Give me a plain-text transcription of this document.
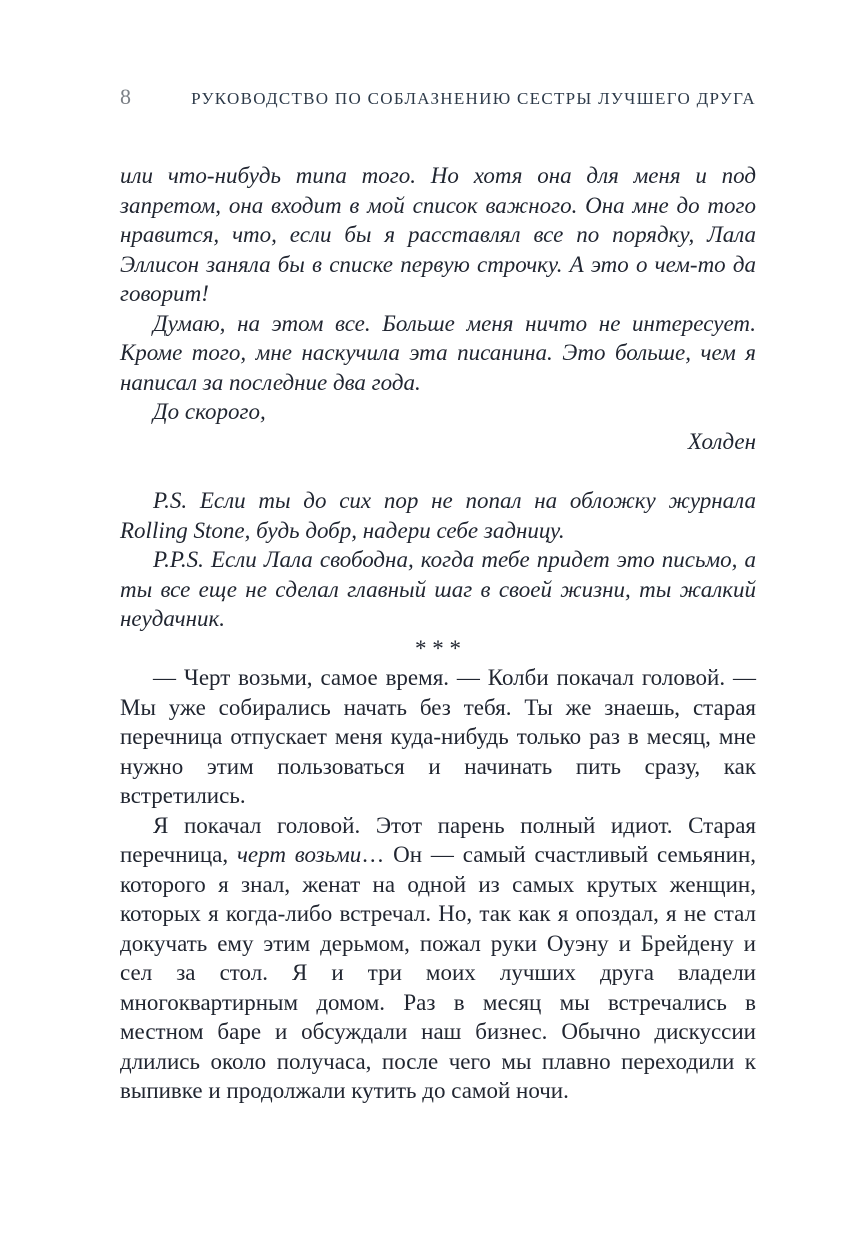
8	РУКОВОДСТВО ПО СОБЛАЗНЕНИЮ СЕСТРЫ ЛУЧШЕГО ДРУГА

или что-нибудь типа того. Но хотя она для меня и под запретом, она входит в мой список важного. Она мне до того нравится, что, если бы я расставлял все по порядку, Лала Эллисон заняла бы в списке первую строчку. А это о чем-то да говорит!

Думаю, на этом все. Больше меня ничто не интересует. Кроме того, мне наскучила эта писанина. Это больше, чем я написал за последние два года.

До скорого,

Холден

P.S. Если ты до сих пор не попал на обложку журнала Rolling Stone, будь добр, надери себе задницу.

P.P.S. Если Лала свободна, когда тебе придет это письмо, а ты все еще не сделал главный шаг в своей жизни, ты жалкий неудачник.

* * *

— Черт возьми, самое время. — Колби покачал головой. — Мы уже собирались начать без тебя. Ты же знаешь, старая перечница отпускает меня куда-нибудь только раз в месяц, мне нужно этим пользоваться и начинать пить сразу, как встретились.

Я покачал головой. Этот парень полный идиот. Старая перечница, черт возьми… Он — самый счастливый семьянин, которого я знал, женат на одной из самых крутых женщин, которых я когда-либо встречал. Но, так как я опоздал, я не стал докучать ему этим дерьмом, пожал руки Оуэну и Брейдену и сел за стол. Я и три моих лучших друга владели многоквартирным домом. Раз в месяц мы встречались в местном баре и обсуждали наш бизнес. Обычно дискуссии длились около получаса, после чего мы плавно переходили к выпивке и продолжали кутить до самой ночи.
